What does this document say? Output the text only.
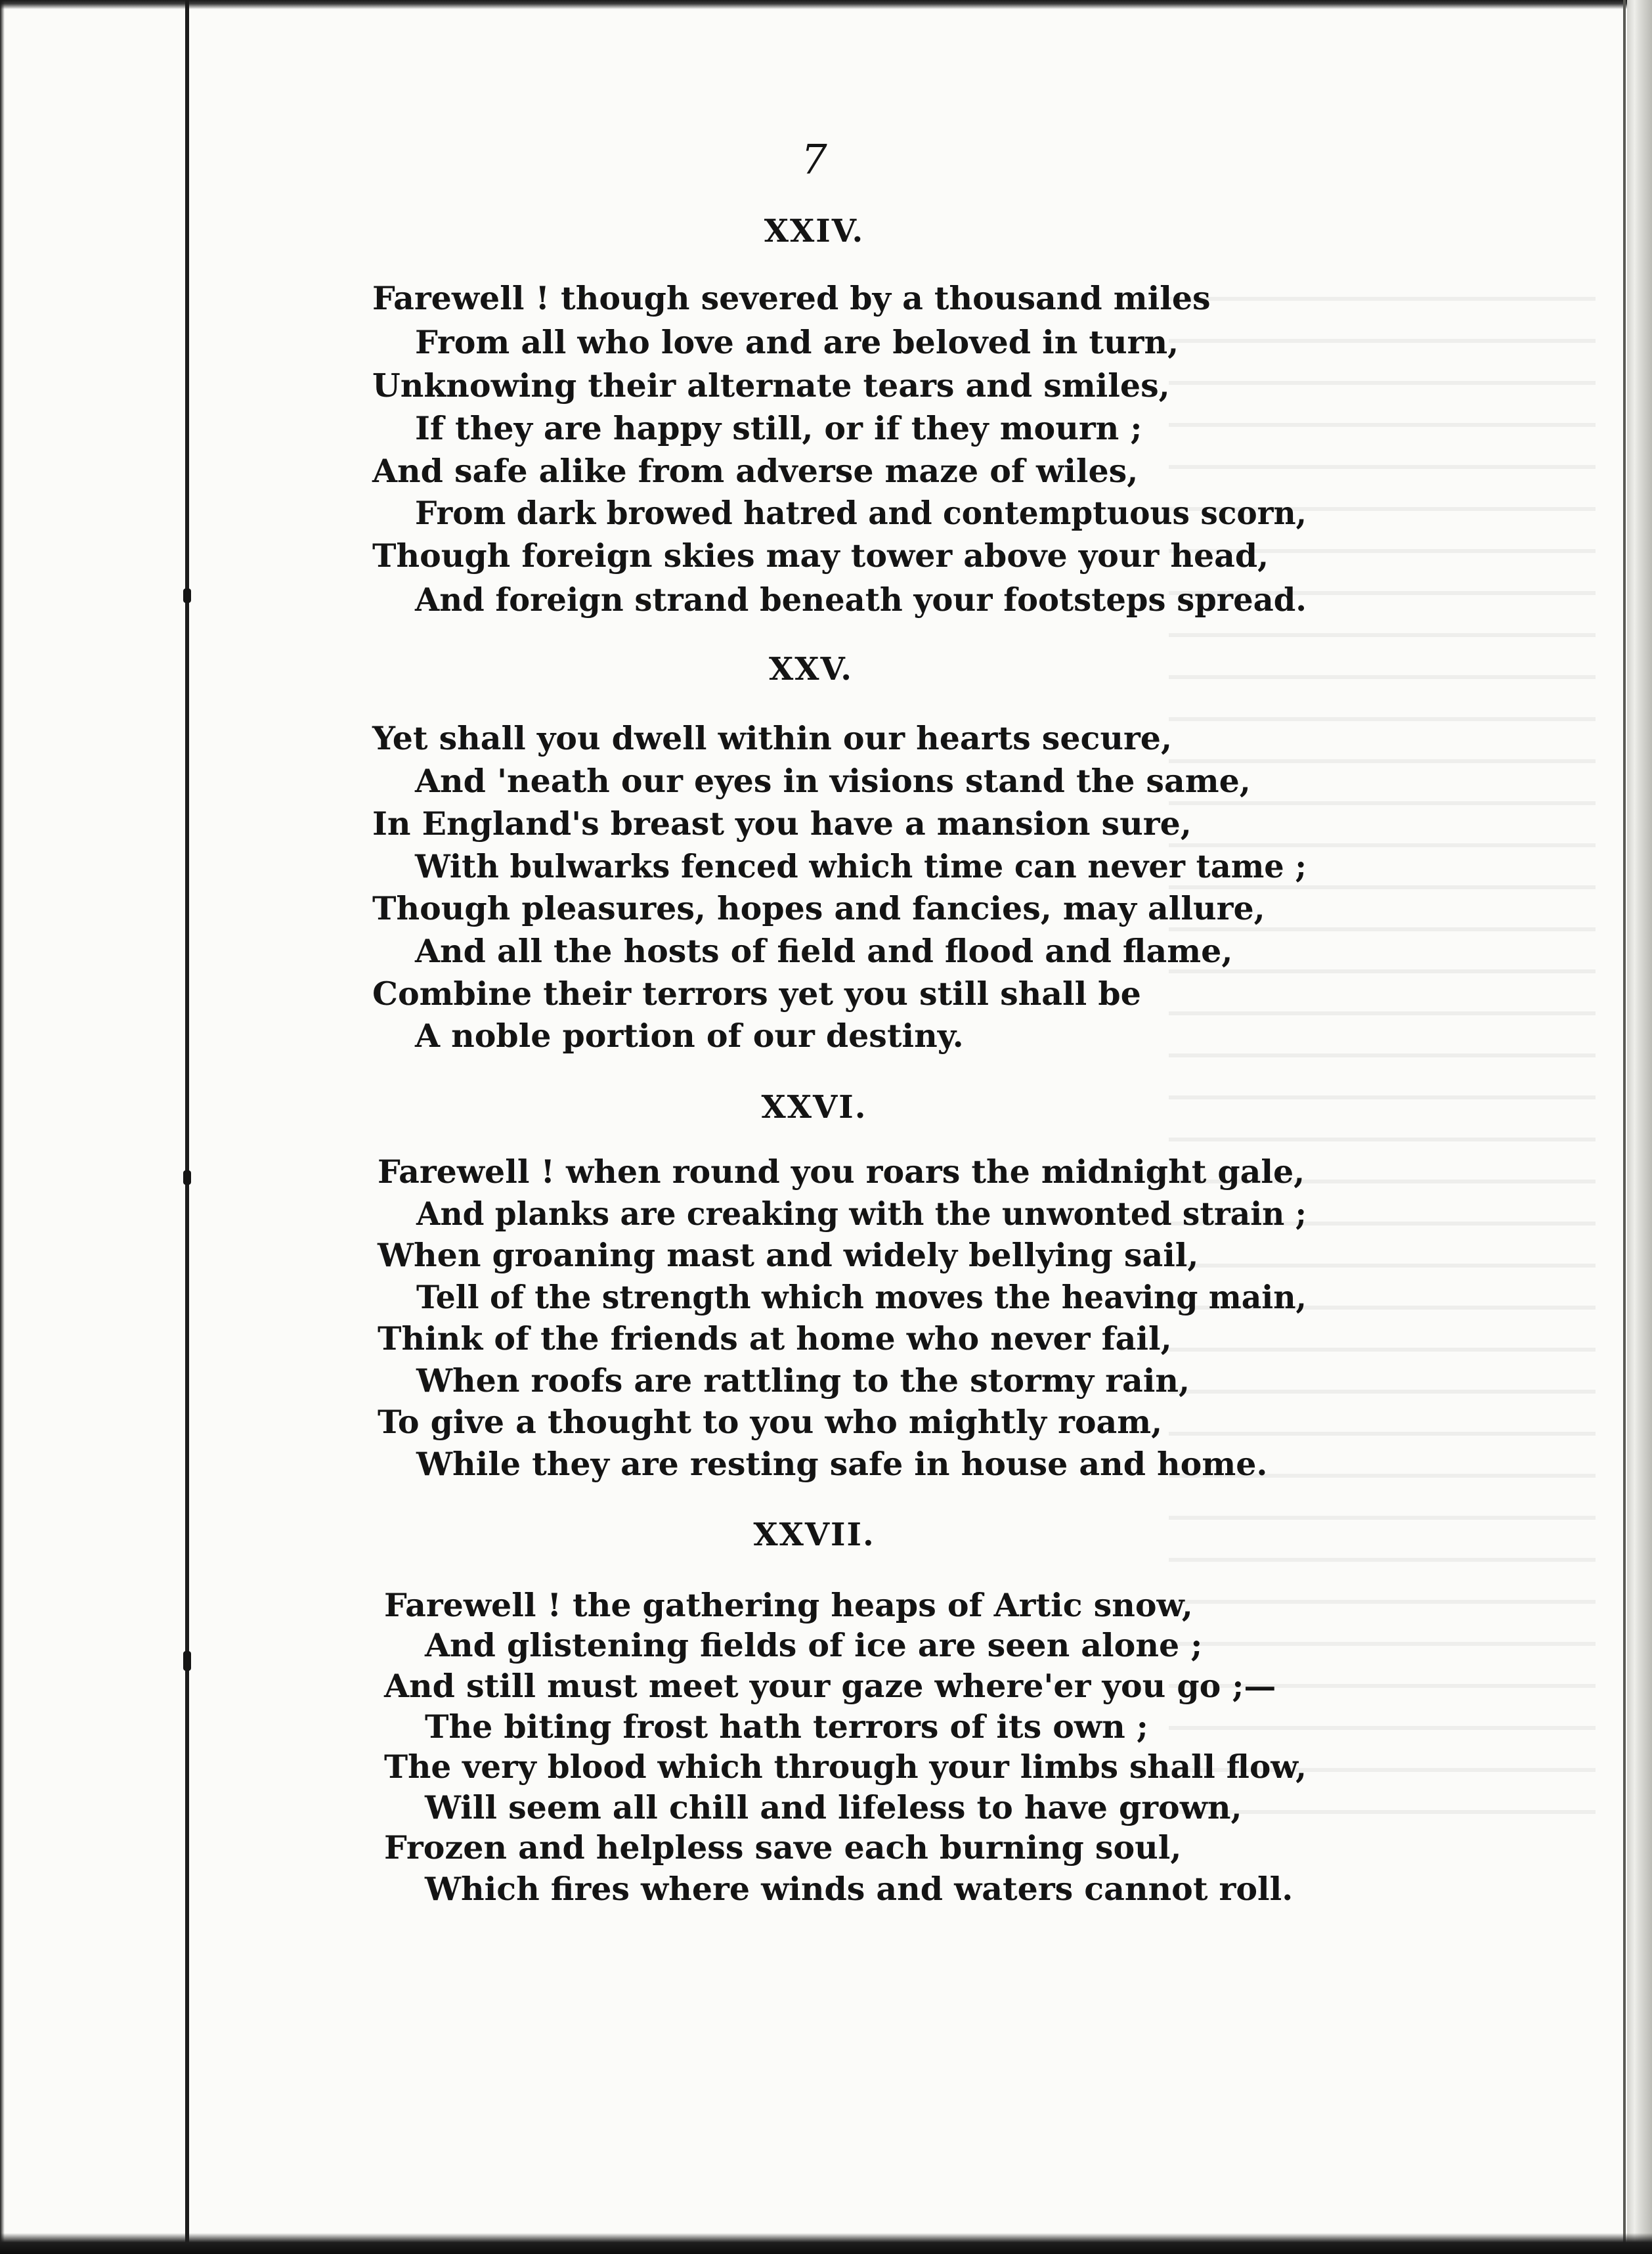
7
XXIV.
Farewell ! though severed by a thousand miles
From all who love and are beloved in turn,
Unknowing their alternate tears and smiles,
If they are happy still, or if they mourn ;
And safe alike from adverse maze of wiles,
From dark browed hatred and contemptuous scorn,
Though foreign skies may tower above your head,
And foreign strand beneath your footsteps spread.
XXV.
Yet shall you dwell within our hearts secure,
And 'neath our eyes in visions stand the same,
In England's breast you have a mansion sure,
With bulwarks fenced which time can never tame ;
Though pleasures, hopes and fancies, may allure,
And all the hosts of field and flood and flame,
Combine their terrors yet you still shall be
A noble portion of our destiny.
XXVI.
Farewell ! when round you roars the midnight gale,
And planks are creaking with the unwonted strain ;
When groaning mast and widely bellying sail,
Tell of the strength which moves the heaving main,
Think of the friends at home who never fail,
When roofs are rattling to the stormy rain,
To give a thought to you who mightly roam,
While they are resting safe in house and home.
XXVII.
Farewell ! the gathering heaps of Artic snow,
And glistening fields of ice are seen alone ;
And still must meet your gaze where'er you go ;—
The biting frost hath terrors of its own ;
The very blood which through your limbs shall flow,
Will seem all chill and lifeless to have grown,
Frozen and helpless save each burning soul,
Which fires where winds and waters cannot roll.
